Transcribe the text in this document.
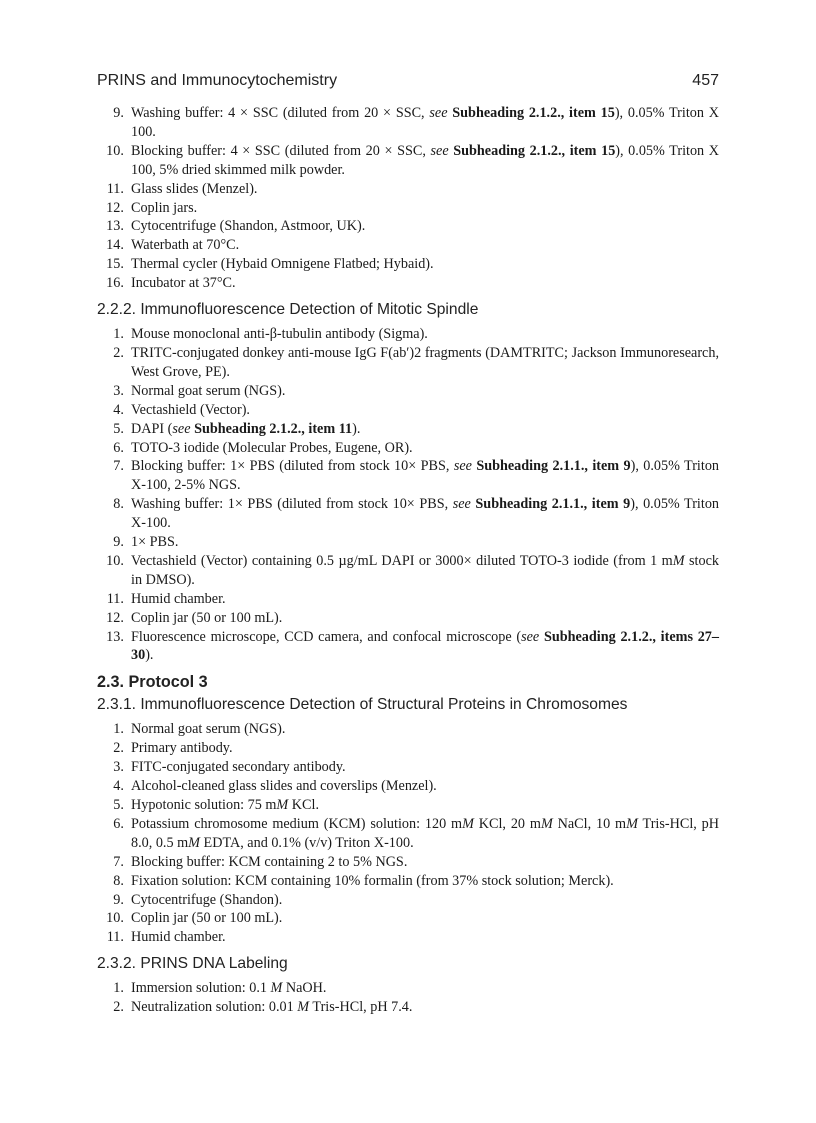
PRINS and Immunocytochemistry	457
9. Washing buffer: 4 × SSC (diluted from 20 × SSC, see Subheading 2.1.2., item 15), 0.05% Triton X 100.
10. Blocking buffer: 4 × SSC (diluted from 20 × SSC, see Subheading 2.1.2., item 15), 0.05% Triton X 100, 5% dried skimmed milk powder.
11. Glass slides (Menzel).
12. Coplin jars.
13. Cytocentrifuge (Shandon, Astmoor, UK).
14. Waterbath at 70°C.
15. Thermal cycler (Hybaid Omnigene Flatbed; Hybaid).
16. Incubator at 37°C.
2.2.2. Immunofluorescence Detection of Mitotic Spindle
1. Mouse monoclonal anti-β-tubulin antibody (Sigma).
2. TRITC-conjugated donkey anti-mouse IgG F(ab′)2 fragments (DAMTRITC; Jackson Immunoresearch, West Grove, PE).
3. Normal goat serum (NGS).
4. Vectashield (Vector).
5. DAPI (see Subheading 2.1.2., item 11).
6. TOTO-3 iodide (Molecular Probes, Eugene, OR).
7. Blocking buffer: 1× PBS (diluted from stock 10× PBS, see Subheading 2.1.1., item 9), 0.05% Triton X-100, 2-5% NGS.
8. Washing buffer: 1× PBS (diluted from stock 10× PBS, see Subheading 2.1.1., item 9), 0.05% Triton X-100.
9. 1× PBS.
10. Vectashield (Vector) containing 0.5 µg/mL DAPI or 3000× diluted TOTO-3 iodide (from 1 mM stock in DMSO).
11. Humid chamber.
12. Coplin jar (50 or 100 mL).
13. Fluorescence microscope, CCD camera, and confocal microscope (see Subheading 2.1.2., items 27–30).
2.3. Protocol 3
2.3.1. Immunofluorescence Detection of Structural Proteins in Chromosomes
1. Normal goat serum (NGS).
2. Primary antibody.
3. FITC-conjugated secondary antibody.
4. Alcohol-cleaned glass slides and coverslips (Menzel).
5. Hypotonic solution: 75 mM KCl.
6. Potassium chromosome medium (KCM) solution: 120 mM KCl, 20 mM NaCl, 10 mM Tris-HCl, pH 8.0, 0.5 mM EDTA, and 0.1% (v/v) Triton X-100.
7. Blocking buffer: KCM containing 2 to 5% NGS.
8. Fixation solution: KCM containing 10% formalin (from 37% stock solution; Merck).
9. Cytocentrifuge (Shandon).
10. Coplin jar (50 or 100 mL).
11. Humid chamber.
2.3.2. PRINS DNA Labeling
1. Immersion solution: 0.1 M NaOH.
2. Neutralization solution: 0.01 M Tris-HCl, pH 7.4.
